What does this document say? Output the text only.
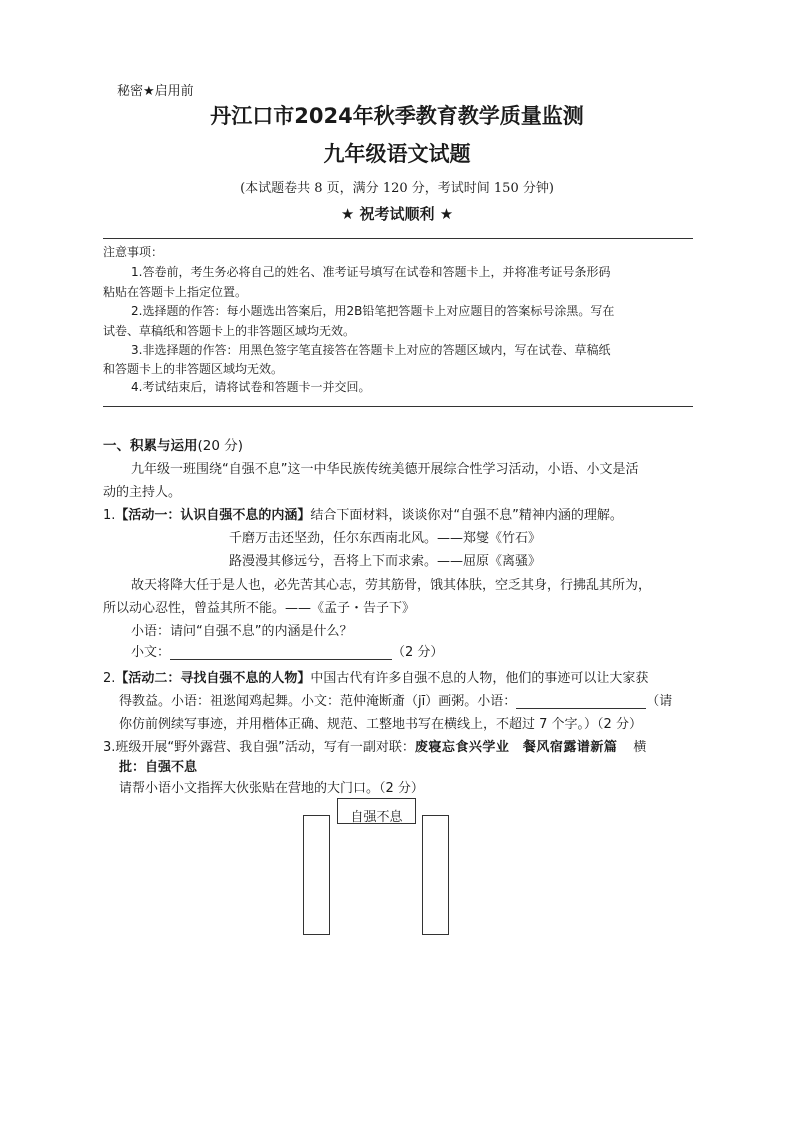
秘密★启用前
丹江口市2024年秋季教育教学质量监测
九年级语文试题
(本试题卷共 8 页，满分 120 分，考试时间 150 分钟)
★ 祝考试顺利 ★
注意事项：
1.答卷前，考生务必将自己的姓名、准考证号填写在试卷和答题卡上，并将准考证号条形码
粘贴在答题卡上指定位置。
2.选择题的作答：每小题选出答案后，用2B铅笔把答题卡上对应题目的答案标号涂黑。写在
试卷、草稿纸和答题卡上的非答题区域均无效。
3.非选择题的作答：用黑色签字笔直接答在答题卡上对应的答题区域内，写在试卷、草稿纸
和答题卡上的非答题区域均无效。
4.考试结束后，请将试卷和答题卡一并交回。
一、积累与运用(20 分)
九年级一班围绕“自强不息”这一中华民族传统美德开展综合性学习活动，小语、小文是活
动的主持人。
1.【活动一：认识自强不息的内涵】结合下面材料，谈谈你对“自强不息”精神内涵的理解。
千磨万击还坚劲，任尔东西南北风。——郑燮《竹石》
路漫漫其修远兮，吾将上下而求索。——屈原《离骚》
故天将降大任于是人也，必先苦其心志，劳其筋骨，饿其体肤，空乏其身，行拂乱其所为，
所以动心忍性，曾益其所不能。——《孟子・告子下》
小语：请问“自强不息”的内涵是什么？
小文：	（2 分）
2.【活动二：寻找自强不息的人物】中国古代有许多自强不息的人物，他们的事迹可以让大家获
得教益。小语：祖逖闻鸡起舞。小文：范仲淹断齑（jī）画粥。小语：	（请
你仿前例续写事迹，并用楷体正确、规范、工整地书写在横线上，不超过 7 个字。）（2 分）
3.班级开展“野外露营、我自强”活动，写有一副对联：废寝忘食兴学业　餐风宿露谱新篇 横
批：自强不息
请帮小语小文指挥大伙张贴在营地的大门口。（2 分）
自强不息
